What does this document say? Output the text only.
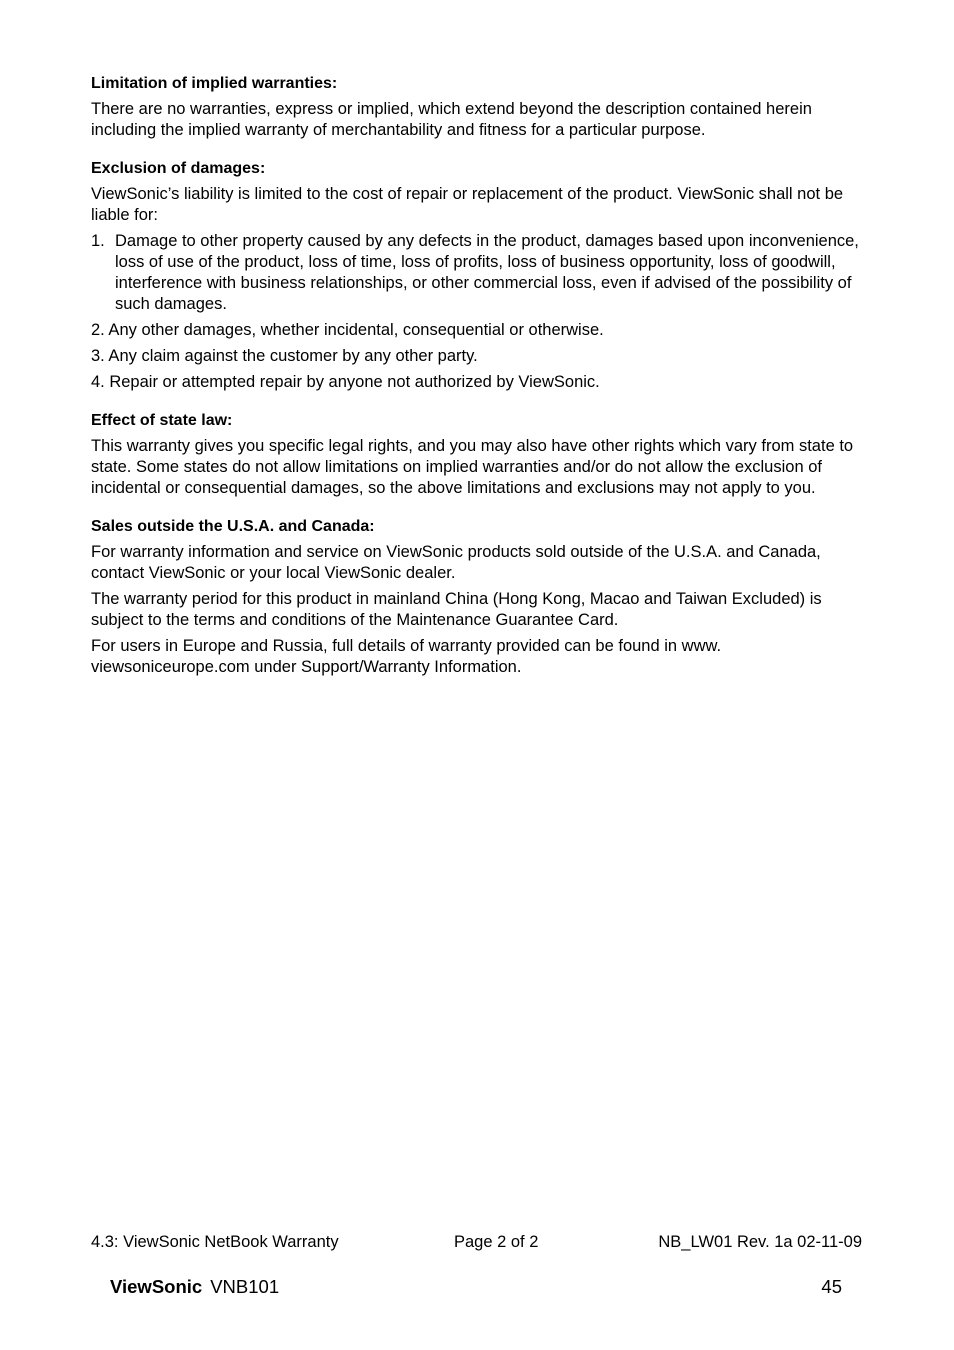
Limitation of implied warranties:
There are no warranties, express or implied, which extend beyond the description contained herein including the implied warranty of merchantability and fitness for a particular purpose.
Exclusion of damages:
ViewSonic’s liability is limited to the cost of repair or replacement of the product. ViewSonic shall not be liable for:
1. Damage to other property caused by any defects in the product, damages based upon inconvenience, loss of use of the product, loss of time, loss of profits, loss of business opportunity, loss of goodwill, interference with business relationships, or other commercial loss, even if advised of the possibility of such damages.
2. Any other damages, whether incidental, consequential or otherwise.
3. Any claim against the customer by any other party.
4. Repair or attempted repair by anyone not authorized by ViewSonic.
Effect of state law:
This warranty gives you specific legal rights, and you may also have other rights which vary from state to state. Some states do not allow limitations on implied warranties and/or do not allow the exclusion of incidental or consequential damages, so the above limitations and exclusions may not apply to you.
Sales outside the U.S.A. and Canada:
For warranty information and service on ViewSonic products sold outside of the U.S.A. and Canada, contact ViewSonic or your local ViewSonic dealer.
The warranty period for this product in mainland China (Hong Kong, Macao and Taiwan Excluded) is subject to the terms and conditions of the Maintenance Guarantee Card.
For users in Europe and Russia, full details of warranty provided can be found in www. viewsoniceurope.com under Support/Warranty Information.
4.3: ViewSonic NetBook Warranty	Page 2 of 2	NB_LW01 Rev. 1a 02-11-09
ViewSonic VNB101	45
